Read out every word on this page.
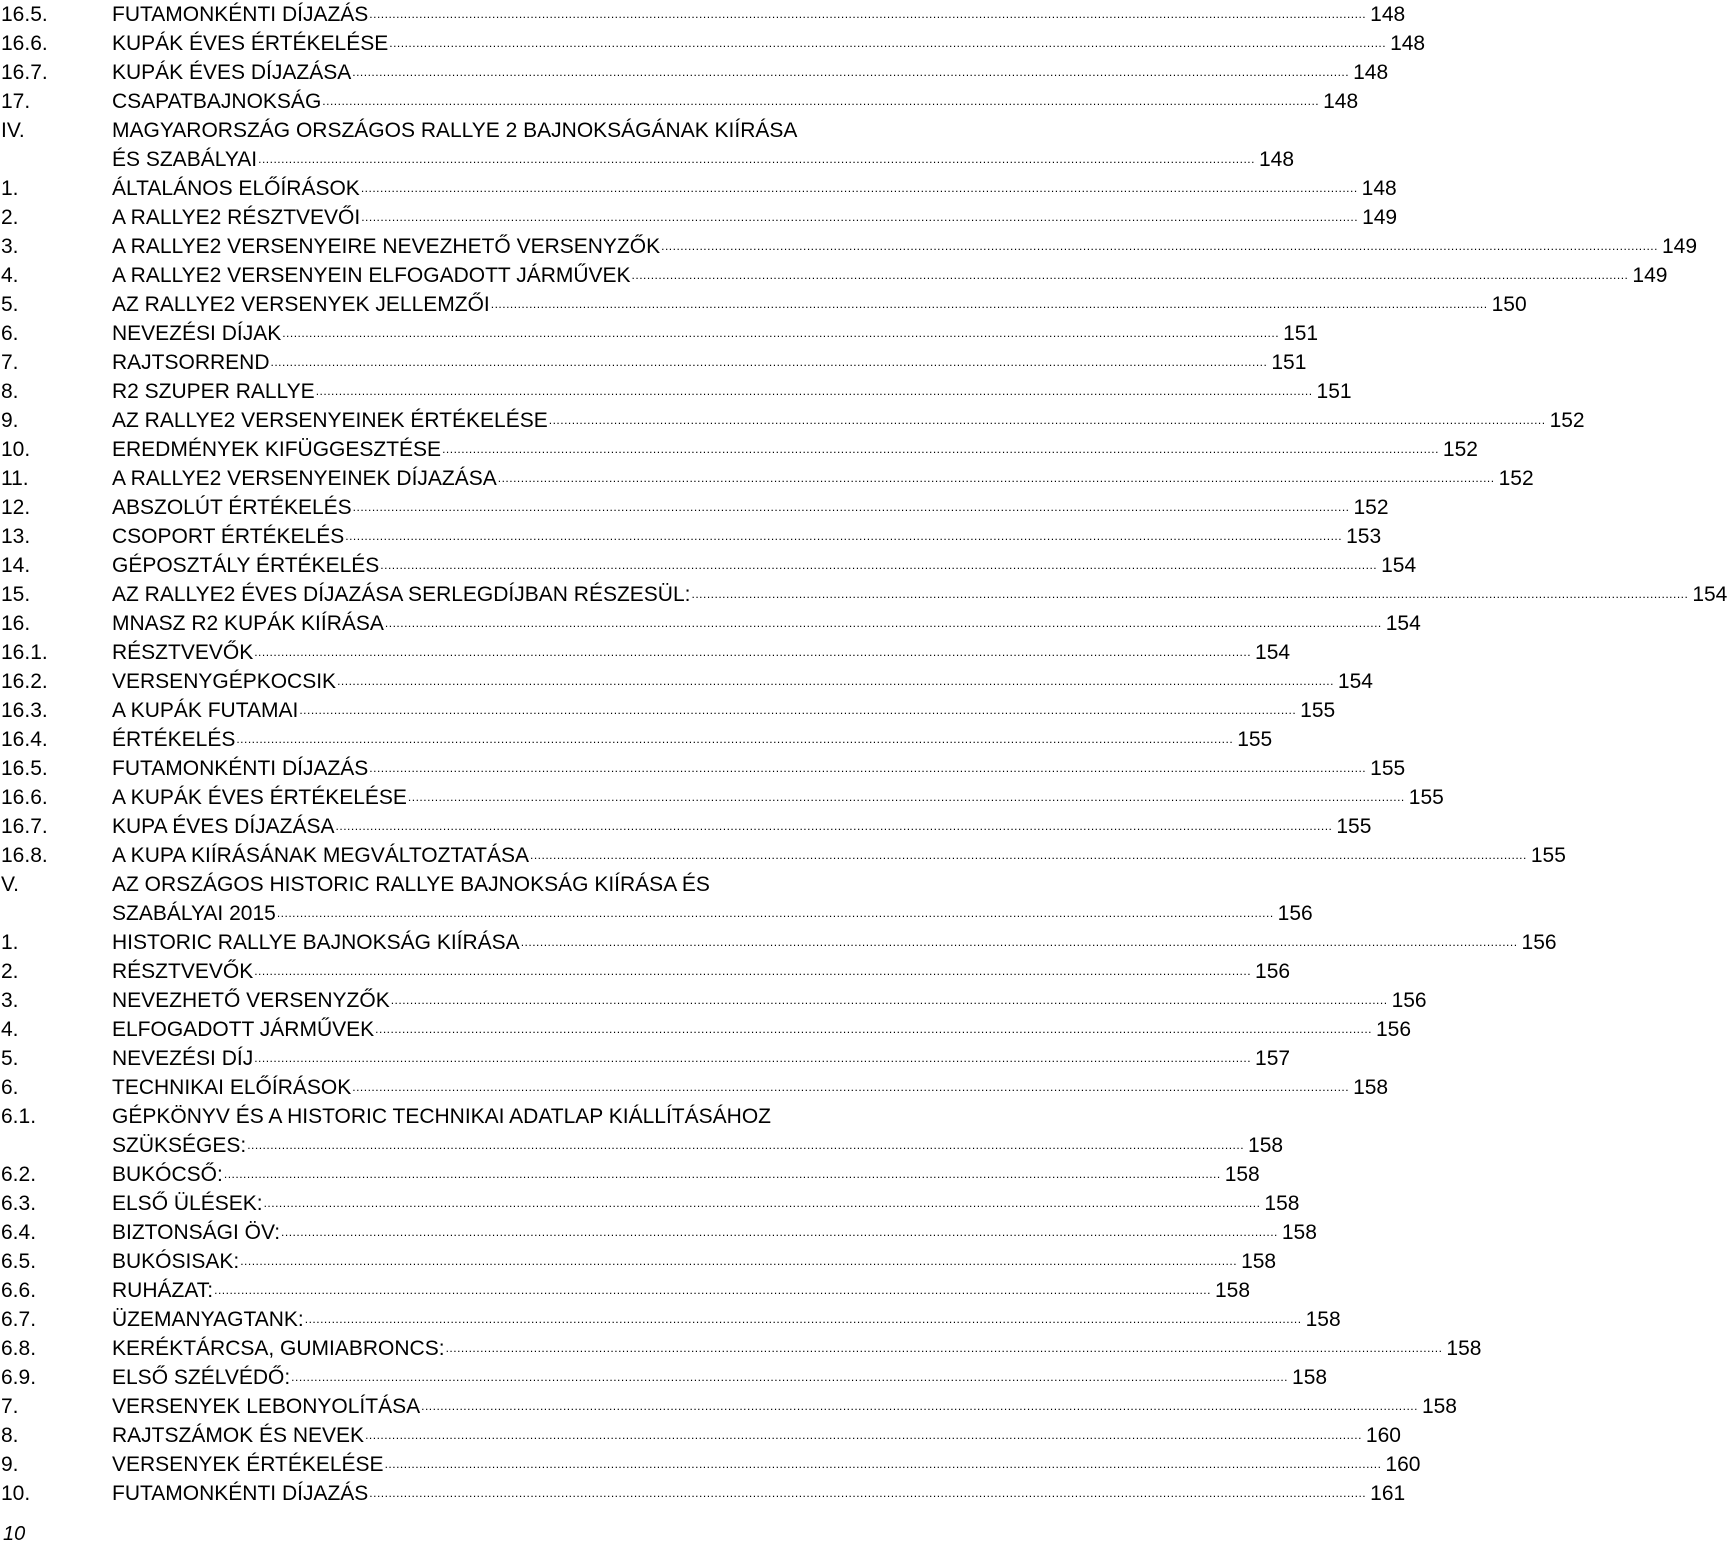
16.5.	FUTAMONKÉNTI DÍJAZÁS .................................................................................................................................................................................................................................................................... 148
16.6.	KUPÁK ÉVES ÉRTÉKELÉSE .................................................................................................................................................................................................................................................................... 148
16.7.	KUPÁK ÉVES DÍJAZÁSA .................................................................................................................................................................................................................................................................... 148
17.	CSAPATBAJNOKSÁG .................................................................................................................................................................................................................................................................... 148
IV.	MAGYARORSZÁG ORSZÁGOS RALLYE 2 BAJNOKSÁGÁNAK KIÍRÁSA
ÉS SZABÁLYAI .................................................................................................................................................................................................................................................................... 148
1.	ÁLTALÁNOS ELŐÍRÁSOK .................................................................................................................................................................................................................................................................... 148
2.	A RALLYE2 RÉSZTVEVŐI .................................................................................................................................................................................................................................................................... 149
3.	A RALLYE2 VERSENYEIRE NEVEZHETŐ VERSENYZŐK .................................................................................................................................................................................................................................................................... 149
4.	A RALLYE2 VERSENYEIN ELFOGADOTT JÁRMŰVEK .................................................................................................................................................................................................................................................................... 149
5.	AZ RALLYE2 VERSENYEK JELLEMZŐI .................................................................................................................................................................................................................................................................... 150
6.	NEVEZÉSI DÍJAK .................................................................................................................................................................................................................................................................... 151
7.	RAJTSORREND .................................................................................................................................................................................................................................................................... 151
8.	R2 SZUPER RALLYE .................................................................................................................................................................................................................................................................... 151
9.	AZ RALLYE2 VERSENYEINEK ÉRTÉKELÉSE .................................................................................................................................................................................................................................................................... 152
10.	EREDMÉNYEK KIFÜGGESZTÉSE .................................................................................................................................................................................................................................................................... 152
11.	A RALLYE2 VERSENYEINEK DÍJAZÁSA .................................................................................................................................................................................................................................................................... 152
12.	ABSZOLÚT ÉRTÉKELÉS .................................................................................................................................................................................................................................................................... 152
13.	CSOPORT ÉRTÉKELÉS .................................................................................................................................................................................................................................................................... 153
14.	GÉPOSZTÁLY ÉRTÉKELÉS .................................................................................................................................................................................................................................................................... 154
15.	AZ RALLYE2 ÉVES DÍJAZÁSA SERLEGDÍJBAN RÉSZESÜL: .................................................................................................................................................................................................................................................................... 154
16.	MNASZ R2 KUPÁK KIÍRÁSA .................................................................................................................................................................................................................................................................... 154
16.1.	RÉSZTVEVŐK .................................................................................................................................................................................................................................................................... 154
16.2.	VERSENYGÉPKOCSIK .................................................................................................................................................................................................................................................................... 154
16.3.	A KUPÁK FUTAMAI .................................................................................................................................................................................................................................................................... 155
16.4.	ÉRTÉKELÉS .................................................................................................................................................................................................................................................................... 155
16.5.	FUTAMONKÉNTI DÍJAZÁS .................................................................................................................................................................................................................................................................... 155
16.6.	A KUPÁK ÉVES ÉRTÉKELÉSE .................................................................................................................................................................................................................................................................... 155
16.7.	KUPA ÉVES DÍJAZÁSA .................................................................................................................................................................................................................................................................... 155
16.8.	A KUPA KIÍRÁSÁNAK MEGVÁLTOZTATÁSA .................................................................................................................................................................................................................................................................... 155
V.	AZ ORSZÁGOS HISTORIC RALLYE BAJNOKSÁG KIÍRÁSA ÉS
SZABÁLYAI 2015 .................................................................................................................................................................................................................................................................... 156
1.	HISTORIC RALLYE BAJNOKSÁG KIÍRÁSA .................................................................................................................................................................................................................................................................... 156
2.	RÉSZTVEVŐK .................................................................................................................................................................................................................................................................... 156
3.	NEVEZHETŐ VERSENYZŐK .................................................................................................................................................................................................................................................................... 156
4.	ELFOGADOTT JÁRMŰVEK .................................................................................................................................................................................................................................................................... 156
5.	NEVEZÉSI DÍJ .................................................................................................................................................................................................................................................................... 157
6.	TECHNIKAI ELŐÍRÁSOK .................................................................................................................................................................................................................................................................... 158
6.1.	GÉPKÖNYV ÉS A HISTORIC TECHNIKAI ADATLAP KIÁLLÍTÁSÁHOZ
SZÜKSÉGES: .................................................................................................................................................................................................................................................................... 158
6.2.	BUKÓCSŐ: .................................................................................................................................................................................................................................................................... 158
6.3.	ELSŐ ÜLÉSEK: .................................................................................................................................................................................................................................................................... 158
6.4.	BIZTONSÁGI ÖV: .................................................................................................................................................................................................................................................................... 158
6.5.	BUKÓSISAK: .................................................................................................................................................................................................................................................................... 158
6.6.	RUHÁZAT: .................................................................................................................................................................................................................................................................... 158
6.7.	ÜZEMANYAGTANK: .................................................................................................................................................................................................................................................................... 158
6.8.	KERÉKTÁRCSA, GUMIABRONCS: .................................................................................................................................................................................................................................................................... 158
6.9.	ELSŐ SZÉLVÉDŐ: .................................................................................................................................................................................................................................................................... 158
7.	VERSENYEK LEBONYOLÍTÁSA .................................................................................................................................................................................................................................................................... 158
8.	RAJTSZÁMOK ÉS NEVEK .................................................................................................................................................................................................................................................................... 160
9.	VERSENYEK ÉRTÉKELÉSE .................................................................................................................................................................................................................................................................... 160
10.	FUTAMONKÉNTI DÍJAZÁS .................................................................................................................................................................................................................................................................... 161
10
